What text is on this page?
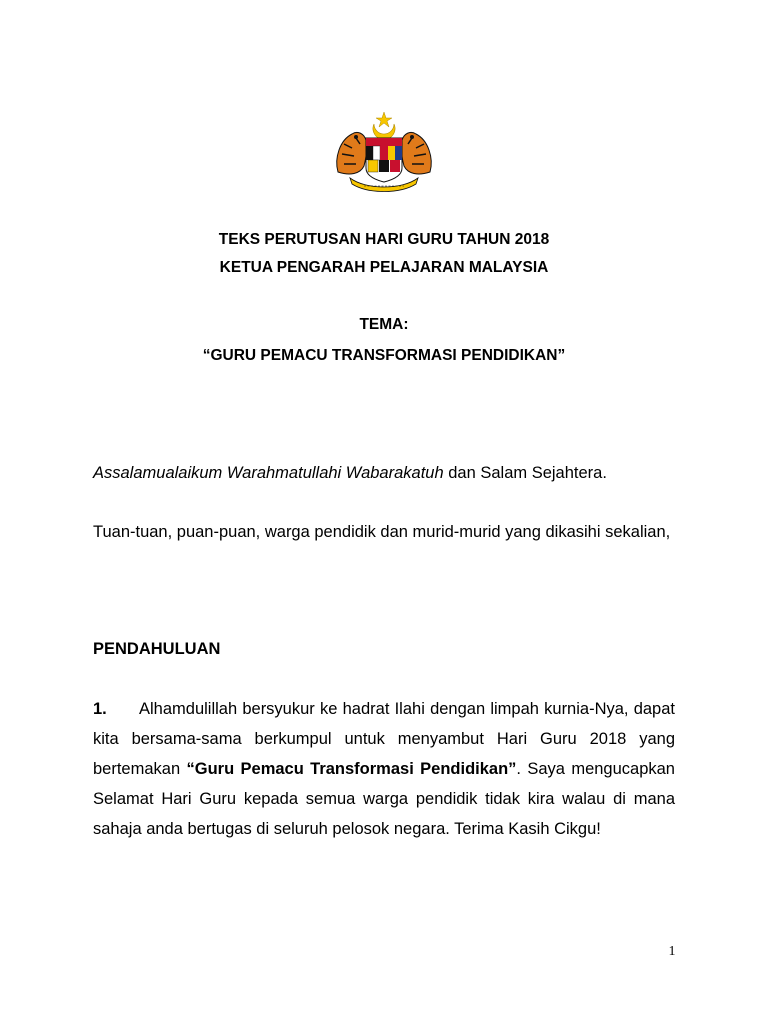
TEKS PERUTUSAN HARI GURU TAHUN 2018
KETUA PENGARAH PELAJARAN MALAYSIA
TEMA:
“GURU PEMACU TRANSFORMASI PENDIDIKAN”
Assalamualaikum Warahmatullahi Wabarakatuh dan Salam Sejahtera.
Tuan-tuan, puan-puan, warga pendidik dan murid-murid yang dikasihi sekalian,
PENDAHULUAN
1. Alhamdulillah bersyukur ke hadrat Ilahi dengan limpah kurnia-Nya, dapat kita bersama-sama berkumpul untuk menyambut Hari Guru 2018 yang bertemakan “Guru Pemacu Transformasi Pendidikan”. Saya mengucapkan Selamat Hari Guru kepada semua warga pendidik tidak kira walau di mana sahaja anda bertugas di seluruh pelosok negara. Terima Kasih Cikgu!
1
